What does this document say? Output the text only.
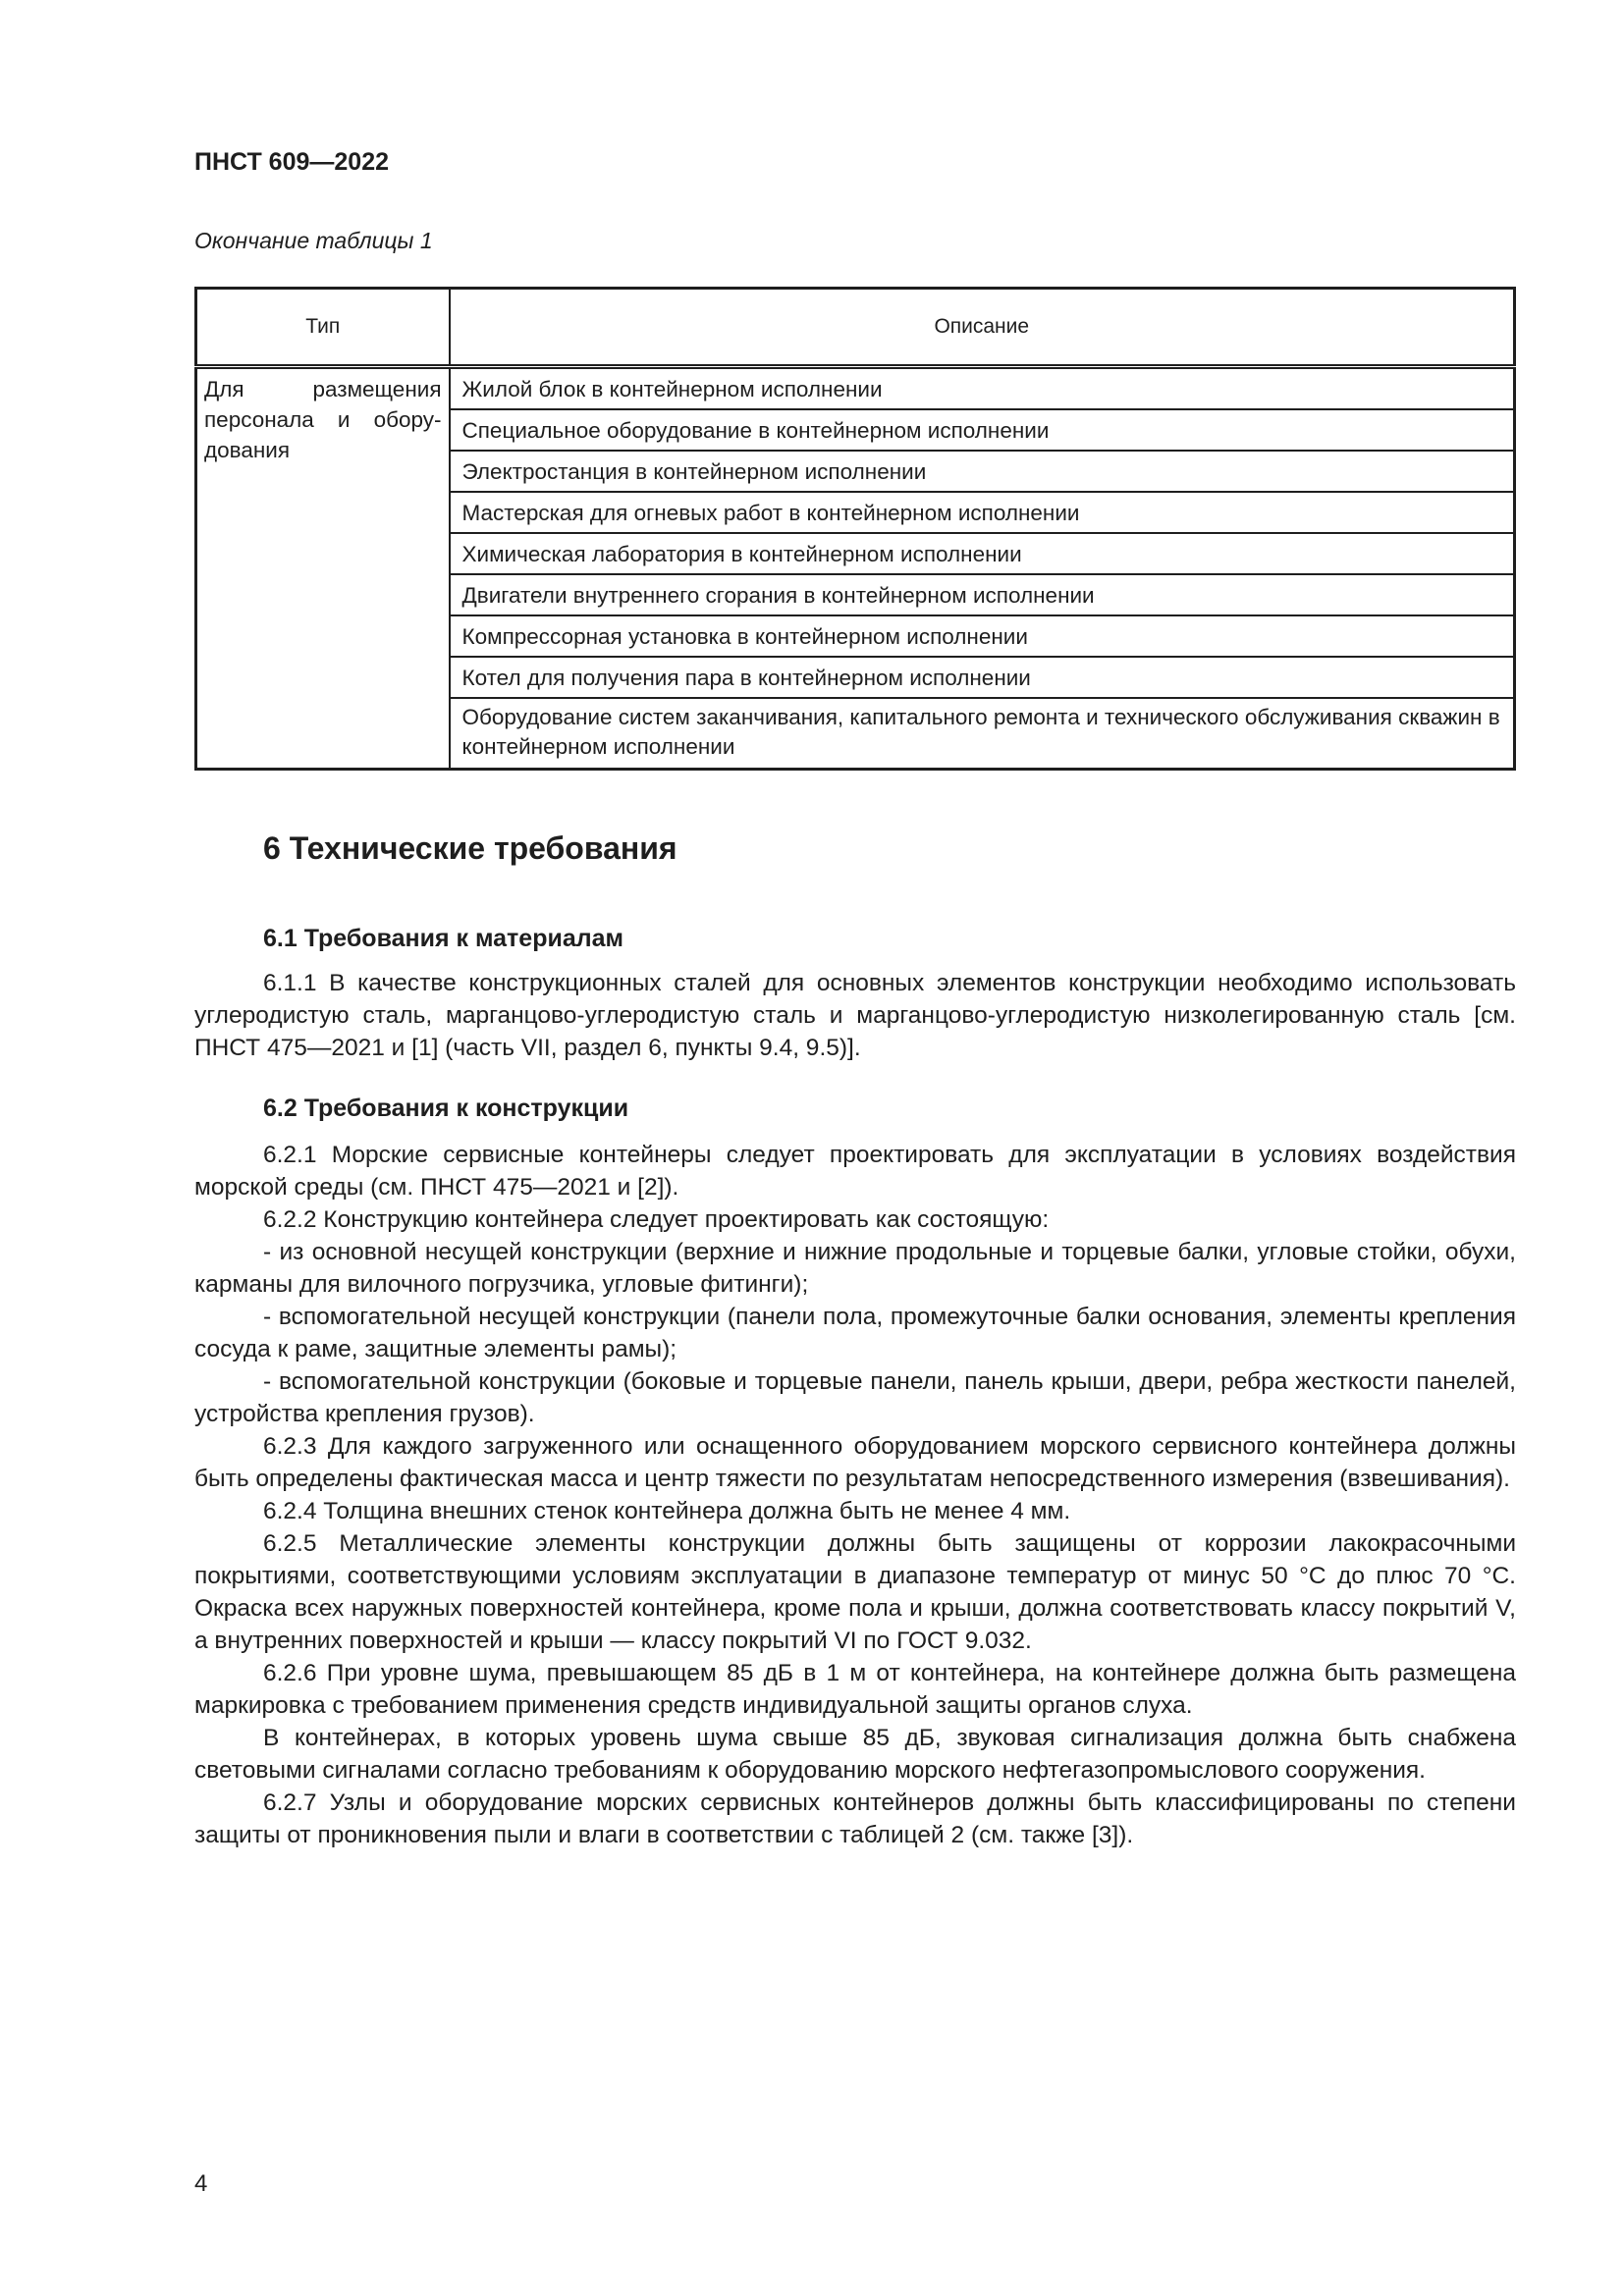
ПНСТ 609—2022
Окончание таблицы 1
Тип	Описание

Для размещения
персонала и обору-
дования	Жилой блок в контейнерном исполнении
	Специальное оборудование в контейнерном исполнении
	Электростанция в контейнерном исполнении
	Мастерская для огневых работ в контейнерном исполнении
	Химическая лаборатория в контейнерном исполнении
	Двигатели внутреннего сгорания в контейнерном исполнении
	Компрессорная установка в контейнерном исполнении
	Котел для получения пара в контейнерном исполнении
	Оборудование систем заканчивания, капитального ремонта и технического обслуживания скважин в контейнерном исполнении
6 Технические требования
6.1 Требования к материалам

6.1.1 В качестве конструкционных сталей для основных элементов конструкции необходимо использовать углеродистую сталь, марганцово-углеродистую сталь и марганцово-углеродистую низколегированную сталь [см. ПНСТ 475—2021 и [1] (часть VII, раздел 6, пункты 9.4, 9.5)].

6.2 Требования к конструкции

6.2.1 Морские сервисные контейнеры следует проектировать для эксплуатации в условиях воздействия морской среды (см. ПНСТ 475—2021 и [2]).

6.2.2 Конструкцию контейнера следует проектировать как состоящую:

- из основной несущей конструкции (верхние и нижние продольные и торцевые балки, угловые стойки, обухи, карманы для вилочного погрузчика, угловые фитинги);

- вспомогательной несущей конструкции (панели пола, промежуточные балки основания, элементы крепления сосуда к раме, защитные элементы рамы);

- вспомогательной конструкции (боковые и торцевые панели, панель крыши, двери, ребра жесткости панелей, устройства крепления грузов).

6.2.3 Для каждого загруженного или оснащенного оборудованием морского сервисного контейнера должны быть определены фактическая масса и центр тяжести по результатам непосредственного измерения (взвешивания).

6.2.4 Толщина внешних стенок контейнера должна быть не менее 4 мм.

6.2.5 Металлические элементы конструкции должны быть защищены от коррозии лакокрасочными покрытиями, соответствующими условиям эксплуатации в диапазоне температур от минус 50 °С до плюс 70 °С. Окраска всех наружных поверхностей контейнера, кроме пола и крыши, должна соответствовать классу покрытий V, а внутренних поверхностей и крыши — классу покрытий VI по ГОСТ 9.032.

6.2.6 При уровне шума, превышающем 85 дБ в 1 м от контейнера, на контейнере должна быть размещена маркировка с требованием применения средств индивидуальной защиты органов слуха.

В контейнерах, в которых уровень шума свыше 85 дБ, звуковая сигнализация должна быть снабжена световыми сигналами согласно требованиям к оборудованию морского нефтегазопромыслового сооружения.

6.2.7 Узлы и оборудование морских сервисных контейнеров должны быть классифицированы по степени защиты от проникновения пыли и влаги в соответствии с таблицей 2 (см. также [3]).

4
